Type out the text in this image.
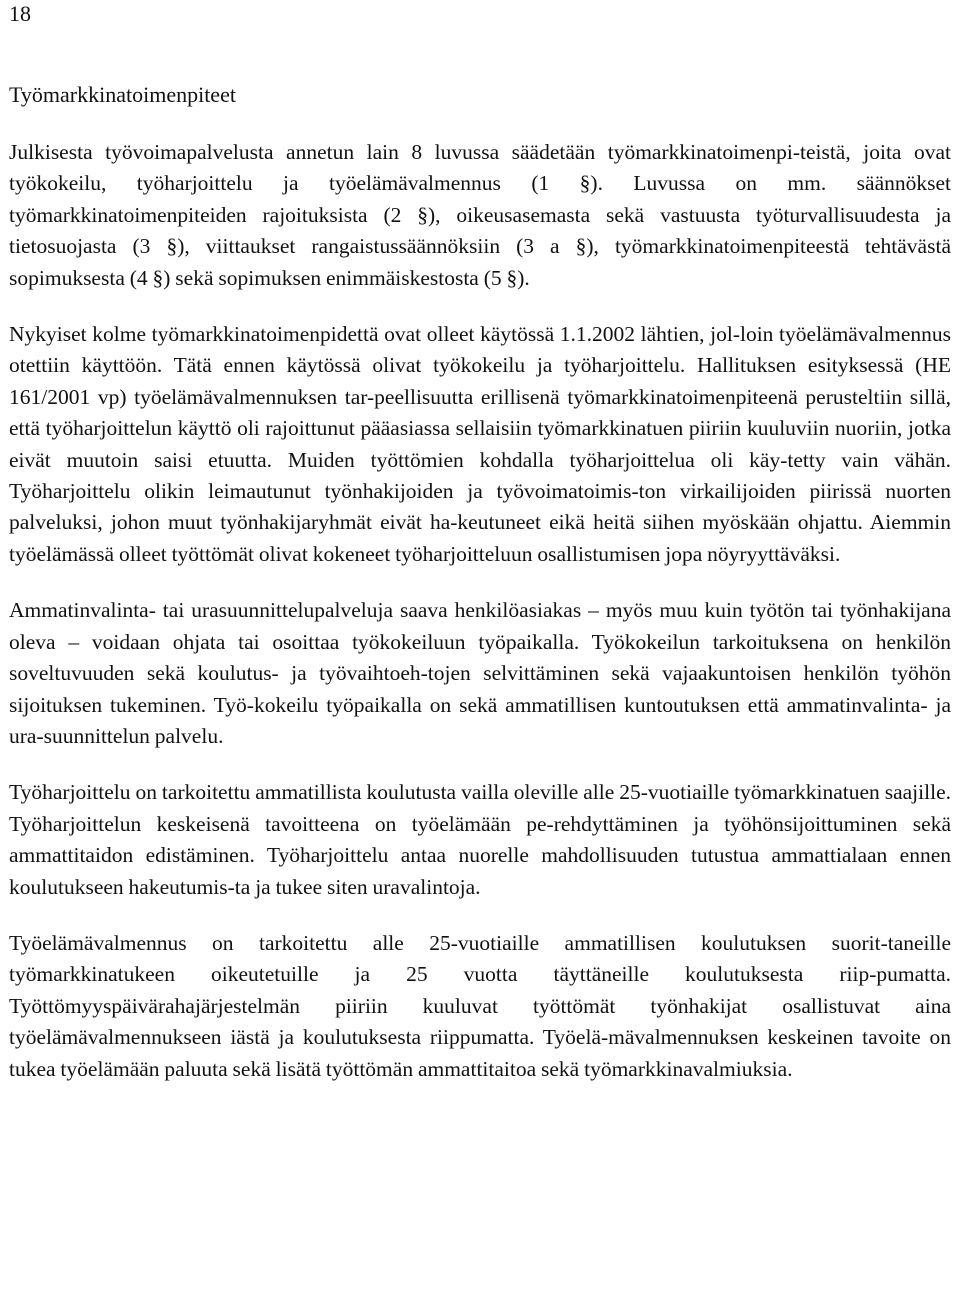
18
Työmarkkinatoimenpiteet

Julkisesta työvoimapalvelusta annetun lain 8 luvussa säädetään työmarkkinatoimenpi-teistä, joita ovat työkokeilu, työharjoittelu ja työelämävalmennus (1 §). Luvussa on mm. säännökset työmarkkinatoimenpiteiden rajoituksista (2 §), oikeusasemasta sekä vastuusta työturvallisuudesta ja tietosuojasta (3 §), viittaukset rangaistussäännöksiin (3 a §), työmarkkinatoimenpiteestä tehtävästä sopimuksesta (4 §) sekä sopimuksen enimmäiskestosta (5 §).

Nykyiset kolme työmarkkinatoimenpidettä ovat olleet käytössä 1.1.2002 lähtien, jol-loin työelämävalmennus otettiin käyttöön. Tätä ennen käytössä olivat työkokeilu ja työharjoittelu. Hallituksen esityksessä (HE 161/2001 vp) työelämävalmennuksen tar-peellisuutta erillisenä työmarkkinatoimenpiteenä perusteltiin sillä, että työharjoittelun käyttö oli rajoittunut pääasiassa sellaisiin työmarkkinatuen piiriin kuuluviin nuoriin, jotka eivät muutoin saisi etuutta. Muiden työttömien kohdalla työharjoittelua oli käy-tetty vain vähän. Työharjoittelu olikin leimautunut työnhakijoiden ja työvoimatoimis-ton virkailijoiden piirissä nuorten palveluksi, johon muut työnhakijaryhmät eivät ha-keutuneet eikä heitä siihen myöskään ohjattu. Aiemmin työelämässä olleet työttömät olivat kokeneet työharjoitteluun osallistumisen jopa nöyryyttäväksi.

Ammatinvalinta- tai urasuunnittelupalveluja saava henkilöasiakas – myös muu kuin työtön tai työnhakijana oleva – voidaan ohjata tai osoittaa työkokeiluun työpaikalla. Työkokeilun tarkoituksena on henkilön soveltuvuuden sekä koulutus- ja työvaihtoeh-tojen selvittäminen sekä vajaakuntoisen henkilön työhön sijoituksen tukeminen. Työ-kokeilu työpaikalla on sekä ammatillisen kuntoutuksen että ammatinvalinta- ja ura-suunnittelun palvelu.

Työharjoittelu on tarkoitettu ammatillista koulutusta vailla oleville alle 25-vuotiaille työmarkkinatuen saajille. Työharjoittelun keskeisenä tavoitteena on työelämään pe-rehdyttäminen ja työhönsijoittuminen sekä ammattitaidon edistäminen. Työharjoittelu antaa nuorelle mahdollisuuden tutustua ammattialaan ennen koulutukseen hakeutumis-ta ja tukee siten uravalintoja.

Työelämävalmennus on tarkoitettu alle 25-vuotiaille ammatillisen koulutuksen suorit-taneille työmarkkinatukeen oikeutetuille ja 25 vuotta täyttäneille koulutuksesta riip-pumatta. Työttömyyspäivärahajärjestelmän piiriin kuuluvat työttömät työnhakijat osallistuvat aina työelämävalmennukseen iästä ja koulutuksesta riippumatta. Työelä-mävalmennuksen keskeinen tavoite on tukea työelämään paluuta sekä lisätä työttömän ammattitaitoa sekä työmarkkinavalmiuksia.
